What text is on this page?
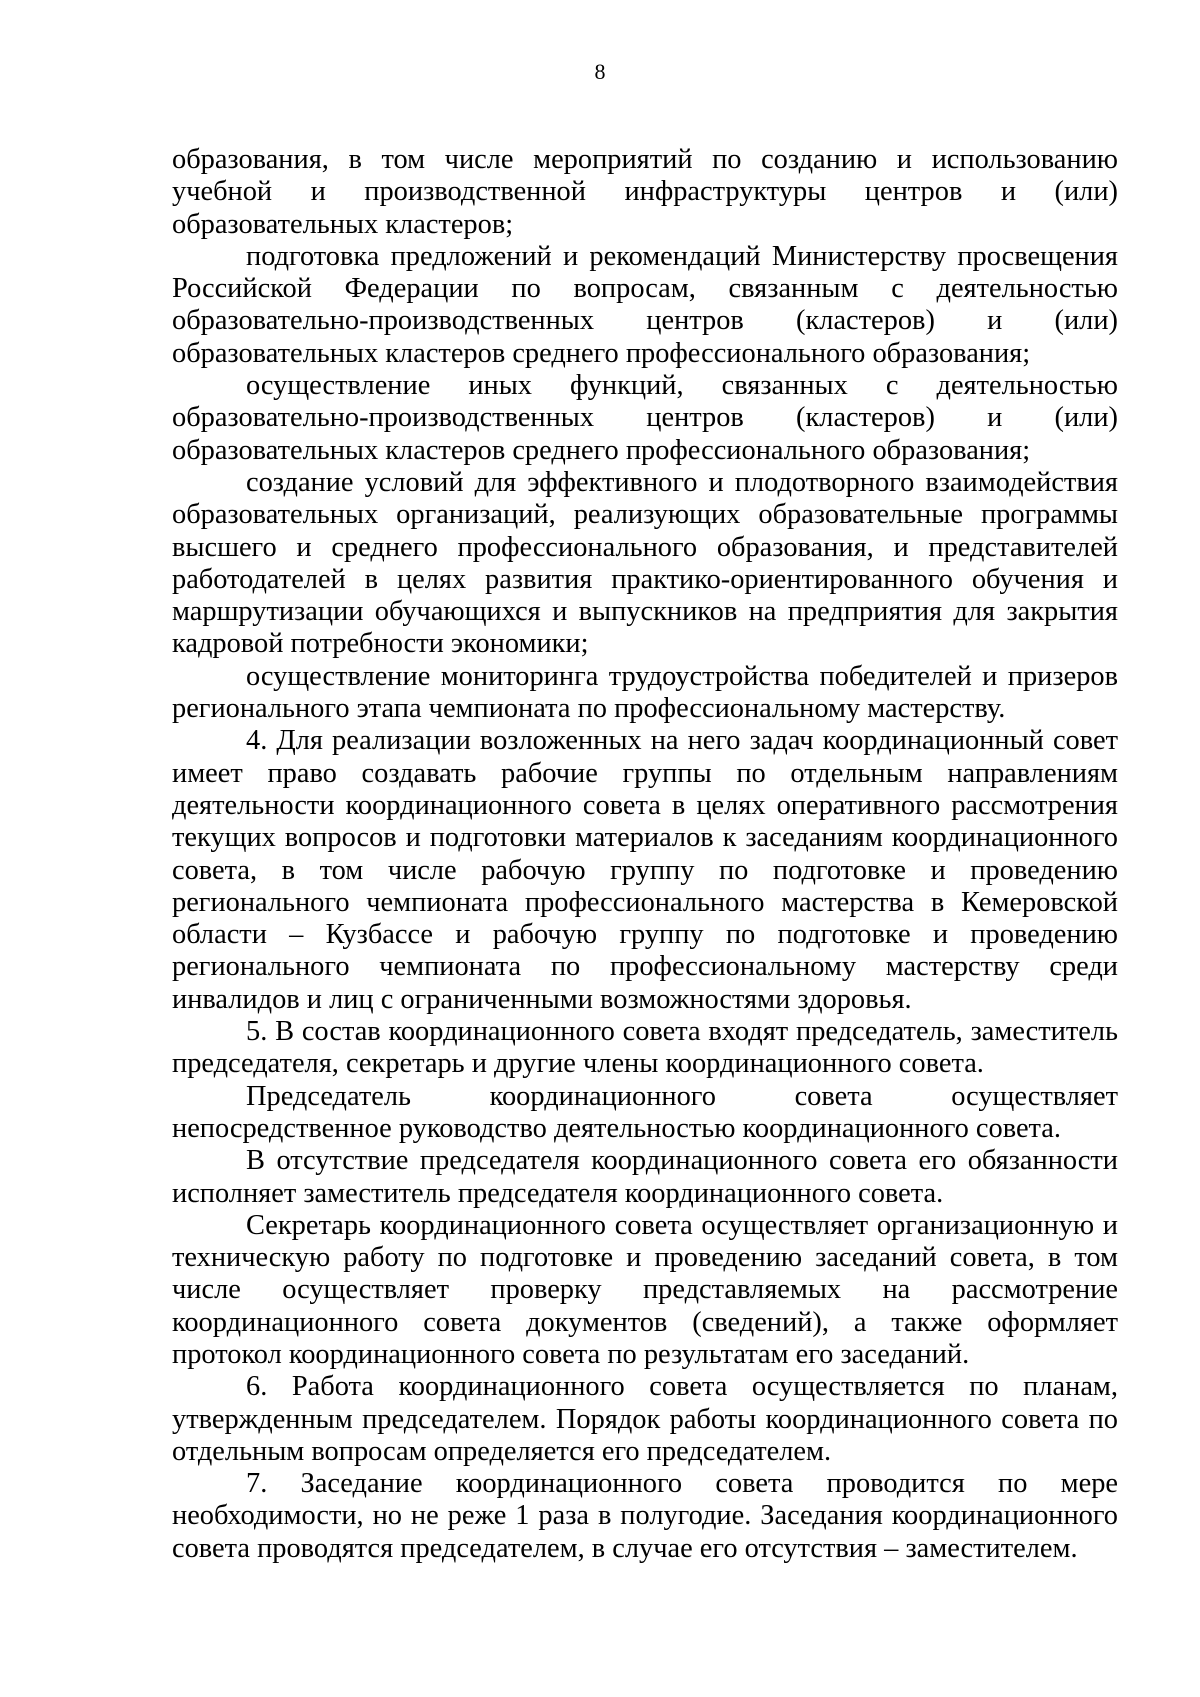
8

образования, в том числе мероприятий по созданию и использованию учебной и производственной инфраструктуры центров и (или) образовательных кластеров;

подготовка предложений и рекомендаций Министерству просвещения Российской Федерации по вопросам, связанным с деятельностью образовательно-производственных центров (кластеров) и (или) образовательных кластеров среднего профессионального образования;

осуществление иных функций, связанных с деятельностью образовательно-производственных центров (кластеров) и (или) образовательных кластеров среднего профессионального образования;

создание условий для эффективного и плодотворного взаимодействия образовательных организаций, реализующих образовательные программы высшего и среднего профессионального образования, и представителей работодателей в целях развития практико-ориентированного обучения и маршрутизации обучающихся и выпускников на предприятия для закрытия кадровой потребности экономики;

осуществление мониторинга трудоустройства победителей и призеров регионального этапа чемпионата по профессиональному мастерству.

4. Для реализации возложенных на него задач координационный совет имеет право создавать рабочие группы по отдельным направлениям деятельности координационного совета в целях оперативного рассмотрения текущих вопросов и подготовки материалов к заседаниям координационного совета, в том числе рабочую группу по подготовке и проведению регионального чемпионата профессионального мастерства в Кемеровской области – Кузбассе и рабочую группу по подготовке и проведению регионального чемпионата по профессиональному мастерству среди инвалидов и лиц с ограниченными возможностями здоровья.

5. В состав координационного совета входят председатель, заместитель председателя, секретарь и другие члены координационного совета.

Председатель координационного совета осуществляет непосредственное руководство деятельностью координационного совета.

В отсутствие председателя координационного совета его обязанности исполняет заместитель председателя координационного совета.

Секретарь координационного совета осуществляет организационную и техническую работу по подготовке и проведению заседаний совета, в том числе осуществляет проверку представляемых на рассмотрение координационного совета документов (сведений), а также оформляет протокол координационного совета по результатам его заседаний.

6. Работа координационного совета осуществляется по планам, утвержденным председателем. Порядок работы координационного совета по отдельным вопросам определяется его председателем.

7. Заседание координационного совета проводится по мере необходимости, но не реже 1 раза в полугодие. Заседания координационного совета проводятся председателем, в случае его отсутствия – заместителем.
